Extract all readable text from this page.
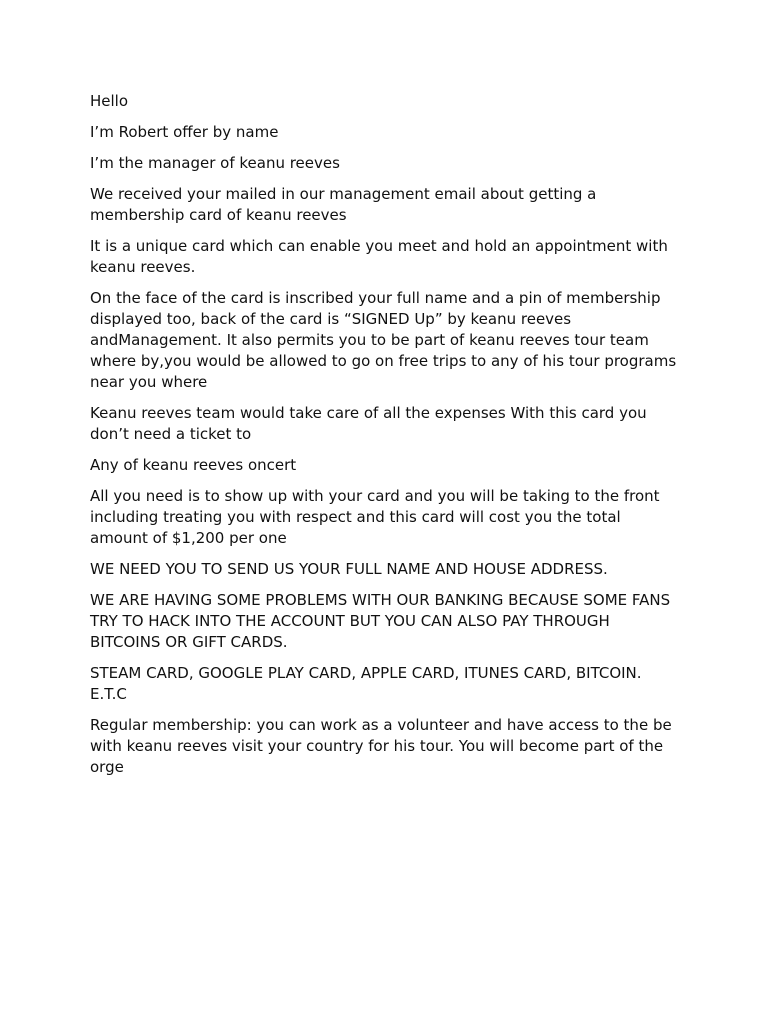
Hello

I’m Robert offer by name

I’m the manager of keanu reeves

We received your mailed in our management email about getting a membership card of keanu reeves

It is a unique card which can enable you meet and hold an appointment with keanu reeves.

On the face of the card is inscribed your full name and a pin of membership displayed too, back of the card is “SIGNED Up” by keanu reeves andManagement. It also permits you to be part of keanu reeves tour team where by,you would be allowed to go on free trips to any of his tour programs near you where

Keanu reeves team would take care of all the expenses With this card you don’t need a ticket to

Any of keanu reeves oncert

All you need is to show up with your card and you will be taking to the front including treating you with respect and this card will cost you the total amount of $1,200 per one

WE NEED YOU TO SEND US YOUR FULL NAME AND HOUSE ADDRESS.

WE ARE HAVING SOME PROBLEMS WITH OUR BANKING BECAUSE SOME FANS TRY TO HACK INTO THE ACCOUNT BUT YOU CAN ALSO PAY THROUGH BITCOINS OR GIFT CARDS.

STEAM CARD, GOOGLE PLAY CARD, APPLE CARD, ITUNES CARD, BITCOIN. E.T.C

Regular membership: you can work as a volunteer and have access to the be with keanu reeves visit your country for his tour. You will become part of the orge
